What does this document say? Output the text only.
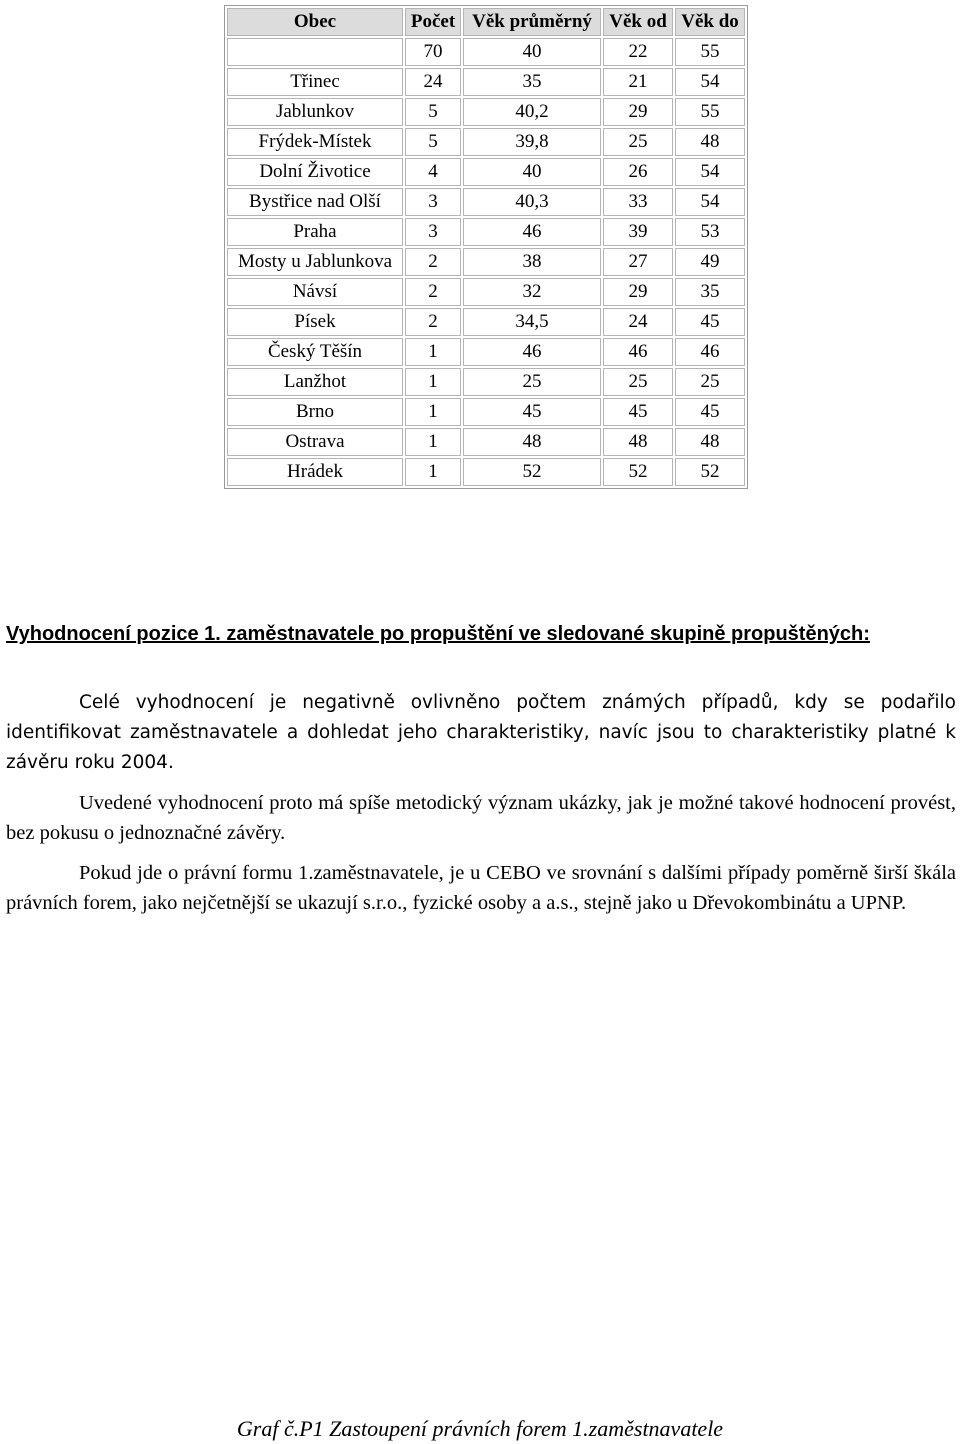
Obec	Počet	Věk průměrný	Věk od	Věk do
	70	40	22	55
Třinec	24	35	21	54
Jablunkov	5	40,2	29	55
Frýdek-Místek	5	39,8	25	48
Dolní Životice	4	40	26	54
Bystřice nad Olší	3	40,3	33	54
Praha	3	46	39	53
Mosty u Jablunkova	2	38	27	49
Návsí	2	32	29	35
Písek	2	34,5	24	45
Český Těšín	1	46	46	46
Lanžhot	1	25	25	25
Brno	1	45	45	45
Ostrava	1	48	48	48
Hrádek	1	52	52	52

Vyhodnocení pozice 1. zaměstnavatele po propuštění ve sledované skupině propuštěných:

Celé vyhodnocení je negativně ovlivněno počtem známých případů, kdy se podařilo identifikovat zaměstnavatele a dohledat jeho charakteristiky, navíc jsou to charakteristiky platné k závěru roku 2004.

Uvedené vyhodnocení proto má spíše metodický význam ukázky, jak je možné takové hodnocení provést, bez pokusu o jednoznačné závěry.

Pokud jde o právní formu 1.zaměstnavatele, je u CEBO ve srovnání s dalšími případy poměrně širší škála právních forem, jako nejčetnější se ukazují s.r.o., fyzické osoby a a.s., stejně jako u Dřevokombinátu a UPNP.

Graf č.P1 Zastoupení právních forem 1.zaměstnavatele
